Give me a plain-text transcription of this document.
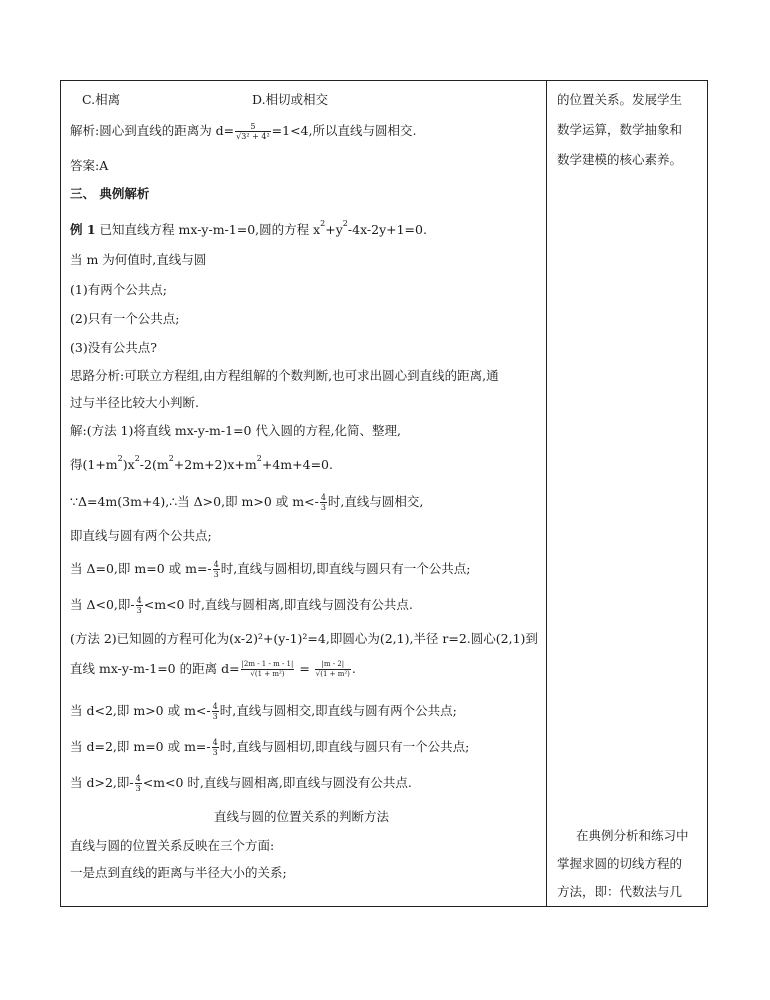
C.相离	D.相切或相交
解析:圆心到直线的距离为 $d= \frac{5}{\text{√3² + 4²}} =1<4$,所以直线与圆相交.
答案:A
三、 典例解析
例 1 已知直线方程 mx-y-m-1=0,圆的方程 $x^2+y^2-4x-2y+1=0$.
当 m 为何值时,直线与圆
(1)有两个公共点;
(2)只有一个公共点;
(3)没有公共点?
思路分析:可联立方程组,由方程组解的个数判断,也可求出圆心到直线的距离,通
过与半径比较大小判断.
解:(方法 1)将直线 mx-y-m-1=0 代入圆的方程,化简、整理,
得$(1+m^2)x^2-2(m^2+2m+2)x+m^2+4m+4=0$.
∵Δ=4m(3m+4),∴当 Δ>0,即 m>0 或 $m<- \frac{4}{3}$ 时,直线与圆相交,
即直线与圆有两个公共点;
当 Δ=0,即 m=0 或 $m=- \frac{4}{3}$ 时,直线与圆相切,即直线与圆只有一个公共点;
当 Δ<0,即- $\frac{4}{3} <m<0$ 时,直线与圆相离,即直线与圆没有公共点.
(方法 2)已知圆的方程可化为(x-2)²+(y-1)²=4,即圆心为(2,1),半径 r=2.圆心(2,1)到
直线 mx-y-m-1=0 的距离 $d= \frac{|2m - 1 - m - 1|}{\text{√(1 + m²)}} = \frac{|m - 2|}{\text{√(1 + m²)}}$ .
当 d<2,即 m>0 或 $m<- \frac{4}{3}$ 时,直线与圆相交,即直线与圆有两个公共点;
当 d=2,即 m=0 或 $m=- \frac{4}{3}$ 时,直线与圆相切,即直线与圆只有一个公共点;
当 d>2,即- $\frac{4}{3} <m<0$ 时,直线与圆相离,即直线与圆没有公共点.
直线与圆的位置关系的判断方法
直线与圆的位置关系反映在三个方面:
一是点到直线的距离与半径大小的关系;
的位置关系。发展学生
数学运算，数学抽象和
数学建模的核心素养。
在典例分析和练习中
掌握求圆的切线方程的
方法，即：代数法与几
